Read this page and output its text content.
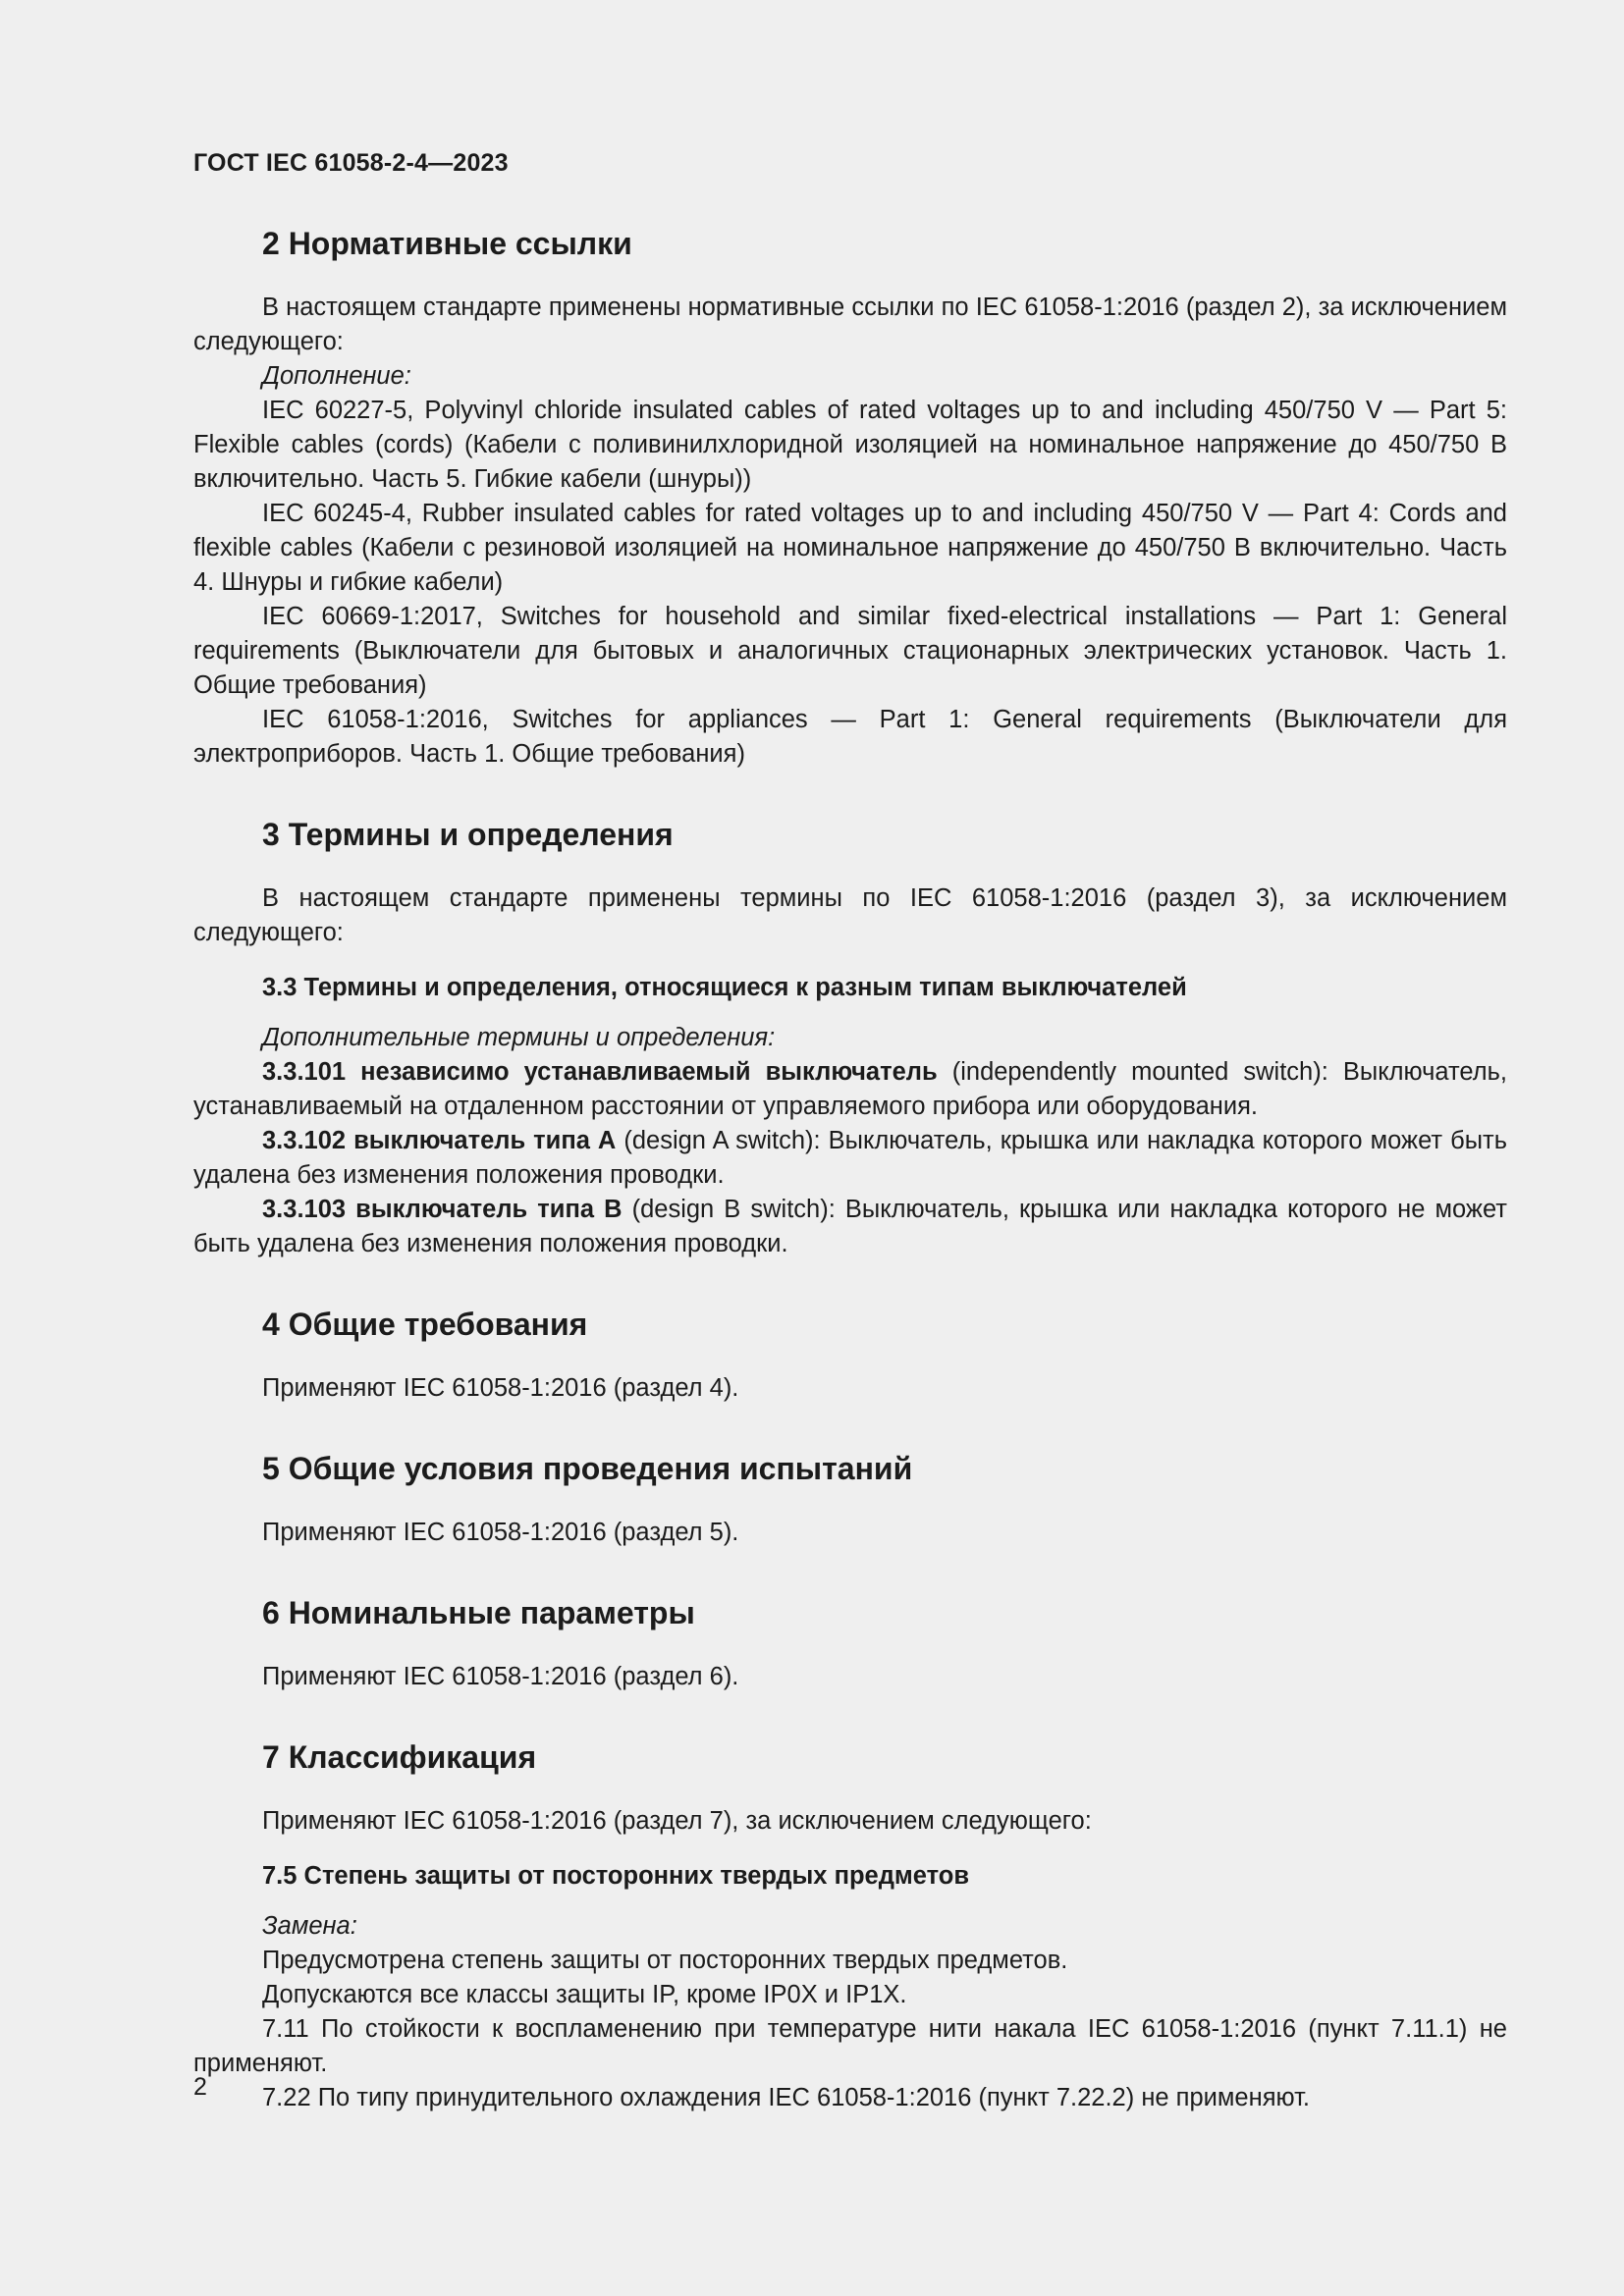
ГОСТ IEC 61058-2-4—2023
2 Нормативные ссылки

В настоящем стандарте применены нормативные ссылки по IEC 61058-1:2016 (раздел 2), за исключением следующего:

Дополнение:

IEC 60227-5, Polyvinyl chloride insulated cables of rated voltages up to and including 450/750 V — Part 5: Flexible cables (cords) (Кабели с поливинилхлоридной изоляцией на номинальное напряжение до 450/750 В включительно. Часть 5. Гибкие кабели (шнуры))

IEC 60245-4, Rubber insulated cables for rated voltages up to and including 450/750 V — Part 4: Cords and flexible cables (Кабели с резиновой изоляцией на номинальное напряжение до 450/750 В включительно. Часть 4. Шнуры и гибкие кабели)

IEC 60669-1:2017, Switches for household and similar fixed-electrical installations — Part 1: General requirements (Выключатели для бытовых и аналогичных стационарных электрических установок. Часть 1. Общие требования)

IEC 61058-1:2016, Switches for appliances — Part 1: General requirements (Выключатели для электроприборов. Часть 1. Общие требования)

3 Термины и определения

В настоящем стандарте применены термины по IEC 61058-1:2016 (раздел 3), за исключением следующего:

3.3 Термины и определения, относящиеся к разным типам выключателей

Дополнительные термины и определения:

3.3.101 независимо устанавливаемый выключатель (independently mounted switch): Выключатель, устанавливаемый на отдаленном расстоянии от управляемого прибора или оборудования.

3.3.102 выключатель типа А (design A switch): Выключатель, крышка или накладка которого может быть удалена без изменения положения проводки.

3.3.103 выключатель типа В (design B switch): Выключатель, крышка или накладка которого не может быть удалена без изменения положения проводки.

4 Общие требования

Применяют IEC 61058-1:2016 (раздел 4).

5 Общие условия проведения испытаний

Применяют IEC 61058-1:2016 (раздел 5).

6 Номинальные параметры

Применяют IEC 61058-1:2016 (раздел 6).

7 Классификация

Применяют IEC 61058-1:2016 (раздел 7), за исключением следующего:

7.5 Степень защиты от посторонних твердых предметов

Замена:

Предусмотрена степень защиты от посторонних твердых предметов.

Допускаются все классы защиты IP, кроме IP0X и IP1X.

7.11 По стойкости к воспламенению при температуре нити накала IEC 61058-1:2016 (пункт 7.11.1) не применяют.

7.22 По типу принудительного охлаждения IEC 61058-1:2016 (пункт 7.22.2) не применяют.

2
